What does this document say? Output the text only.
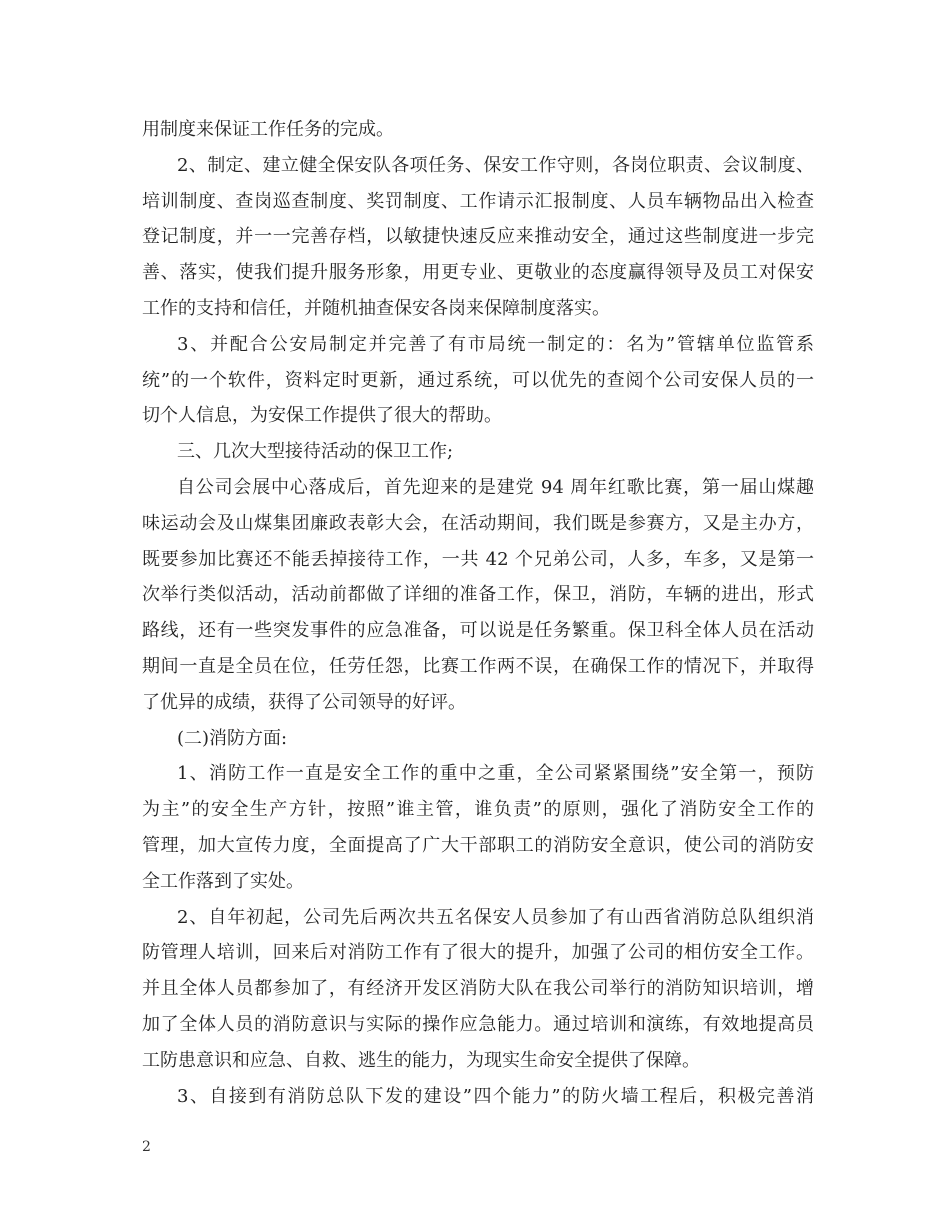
用制度来保证工作任务的完成。

2、制定、建立健全保安队各项任务、保安工作守则，各岗位职责、会议制度、

培训制度、查岗巡查制度、奖罚制度、工作请示汇报制度、人员车辆物品出入检查

登记制度，并一一完善存档，以敏捷快速反应来推动安全，通过这些制度进一步完

善、落实，使我们提升服务形象，用更专业、更敬业的态度赢得领导及员工对保安

工作的支持和信任，并随机抽查保安各岗来保障制度落实。

3、并配合公安局制定并完善了有市局统一制定的：名为”管辖单位监管系

统”的一个软件，资料定时更新，通过系统，可以优先的查阅个公司安保人员的一

切个人信息，为安保工作提供了很大的帮助。

三、几次大型接待活动的保卫工作;

自公司会展中心落成后，首先迎来的是建党 94 周年红歌比赛，第一届山煤趣

味运动会及山煤集团廉政表彰大会，在活动期间，我们既是参赛方，又是主办方，

既要参加比赛还不能丢掉接待工作，一共 42 个兄弟公司，人多，车多，又是第一

次举行类似活动，活动前都做了详细的准备工作，保卫，消防，车辆的进出，形式

路线，还有一些突发事件的应急准备，可以说是任务繁重。保卫科全体人员在活动

期间一直是全员在位，任劳任怨，比赛工作两不误，在确保工作的情况下，并取得

了优异的成绩，获得了公司领导的好评。

(二)消防方面:

1、消防工作一直是安全工作的重中之重，全公司紧紧围绕”安全第一，预防

为主”的安全生产方针，按照”谁主管，谁负责”的原则，强化了消防安全工作的

管理，加大宣传力度，全面提高了广大干部职工的消防安全意识，使公司的消防安

全工作落到了实处。

2、自年初起，公司先后两次共五名保安人员参加了有山西省消防总队组织消

防管理人培训，回来后对消防工作有了很大的提升，加强了公司的相仿安全工作。

并且全体人员都参加了，有经济开发区消防大队在我公司举行的消防知识培训，增

加了全体人员的消防意识与实际的操作应急能力。通过培训和演练，有效地提高员

工防患意识和应急、自救、逃生的能力，为现实生命安全提供了保障。

3、自接到有消防总队下发的建设”四个能力”的防火墙工程后，积极完善消

2
